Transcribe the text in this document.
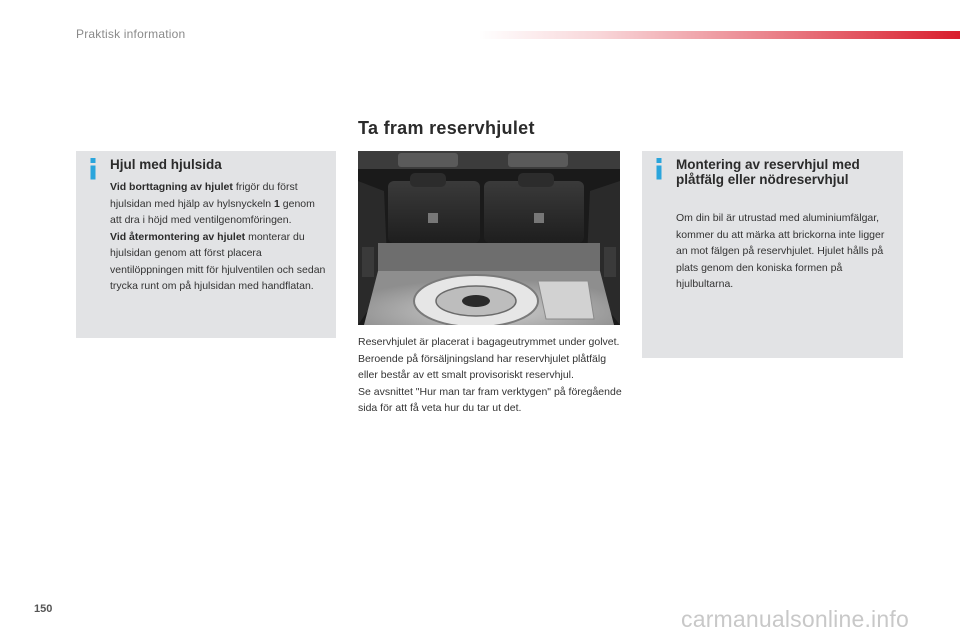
Praktisk information
Ta fram reservhjulet
Hjul med hjulsida
Vid borttagning av hjulet frigör du först hjulsidan med hjälp av hylsnyckeln 1 genom att dra i höjd med ventilgenomföringen.
Vid återmontering av hjulet monterar du hjulsidan genom att först placera ventilöppningen mitt för hjulventilen och sedan trycka runt om på hjulsidan med handflatan.

Reservhjulet är placerat i bagageutrymmet under golvet.

Beroende på försäljningsland har reservhjulet plåtfälg eller består av ett smalt provisoriskt reservhjul.

Se avsnittet "Hur man tar fram verktygen" på föregående sida för att få veta hur du tar ut det.

Montering av reservhjul med plåtfälg eller nödreservhjul
Om din bil är utrustad med aluminiumfälgar, kommer du att märka att brickorna inte ligger an mot fälgen på reservhjulet. Hjulet hålls på plats genom den koniska formen på hjulbultarna.
150	carmanualsonline.info
